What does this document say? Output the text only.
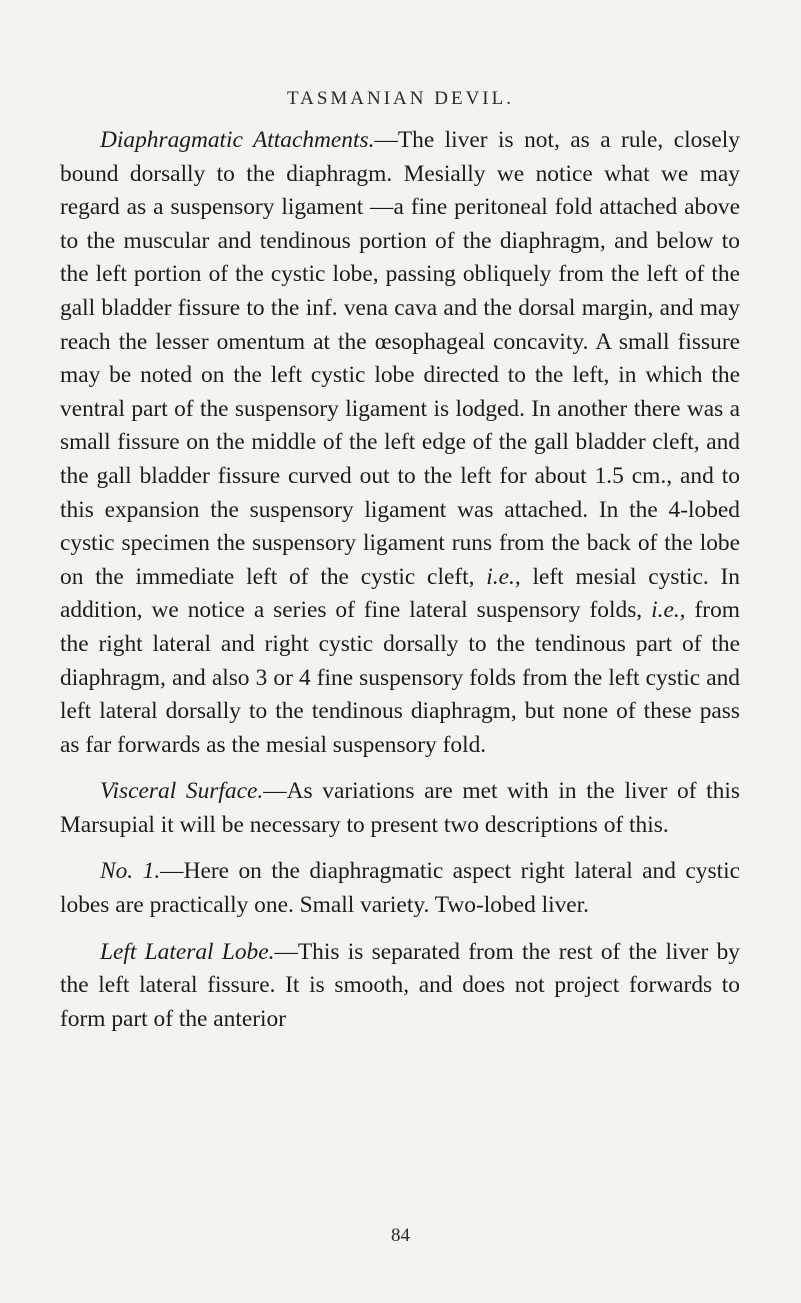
TASMANIAN DEVIL.

Diaphragmatic Attachments.—The liver is not, as a rule, closely bound dorsally to the diaphragm. Mesially we notice what we may regard as a suspensory ligament —a fine peritoneal fold attached above to the muscular and tendinous portion of the diaphragm, and below to the left portion of the cystic lobe, passing obliquely from the left of the gall bladder fissure to the inf. vena cava and the dorsal margin, and may reach the lesser omentum at the œsophageal concavity. A small fissure may be noted on the left cystic lobe directed to the left, in which the ventral part of the suspensory ligament is lodged. In another there was a small fissure on the middle of the left edge of the gall bladder cleft, and the gall bladder fissure curved out to the left for about 1.5 cm., and to this expansion the suspensory ligament was attached. In the 4-lobed cystic specimen the suspensory ligament runs from the back of the lobe on the immediate left of the cystic cleft, i.e., left mesial cystic. In addition, we notice a series of fine lateral suspensory folds, i.e., from the right lateral and right cystic dorsally to the tendinous part of the diaphragm, and also 3 or 4 fine suspensory folds from the left cystic and left lateral dorsally to the tendinous diaphragm, but none of these pass as far forwards as the mesial suspensory fold.

Visceral Surface.—As variations are met with in the liver of this Marsupial it will be necessary to present two descriptions of this.

No. 1.—Here on the diaphragmatic aspect right lateral and cystic lobes are practically one. Small variety. Two-lobed liver.

Left Lateral Lobe.—This is separated from the rest of the liver by the left lateral fissure. It is smooth, and does not project forwards to form part of the anterior

84
